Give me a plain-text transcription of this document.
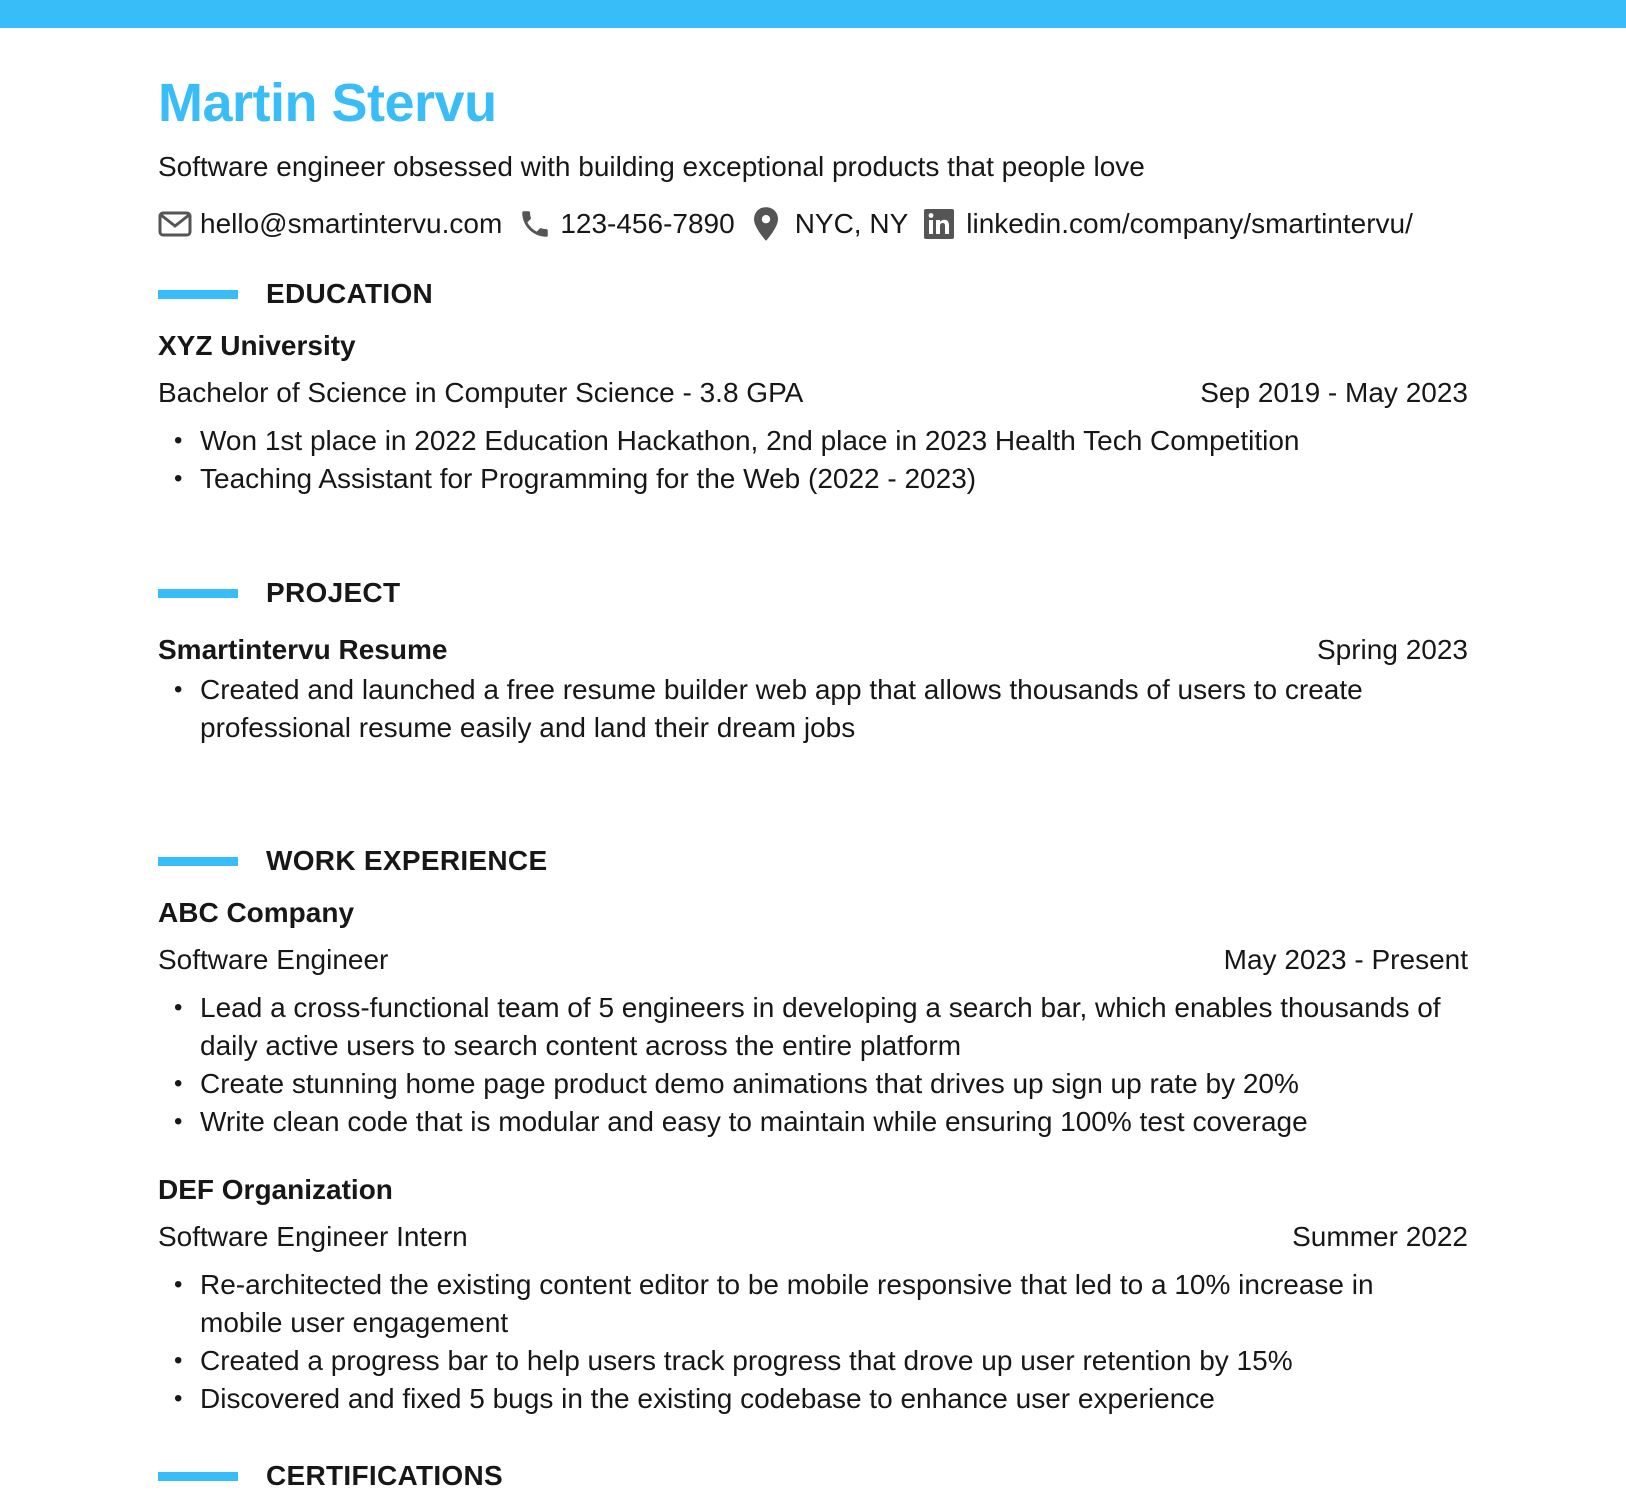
Martin Stervu
Software engineer obsessed with building exceptional products that people love
hello@smartintervu.com 123-456-7890 NYC, NY linkedin.com/company/smartintervu/
EDUCATION
XYZ University
Bachelor of Science in Computer Science - 3.8 GPA	Sep 2019 - May 2023
• Won 1st place in 2022 Education Hackathon, 2nd place in 2023 Health Tech Competition
• Teaching Assistant for Programming for the Web (2022 - 2023)
PROJECT
Smartintervu Resume	Spring 2023
• Created and launched a free resume builder web app that allows thousands of users to create professional resume easily and land their dream jobs
WORK EXPERIENCE
ABC Company
Software Engineer	May 2023 - Present
• Lead a cross-functional team of 5 engineers in developing a search bar, which enables thousands of daily active users to search content across the entire platform
• Create stunning home page product demo animations that drives up sign up rate by 20%
• Write clean code that is modular and easy to maintain while ensuring 100% test coverage
DEF Organization
Software Engineer Intern	Summer 2022
• Re-architected the existing content editor to be mobile responsive that led to a 10% increase in mobile user engagement
• Created a progress bar to help users track progress that drove up user retention by 15%
• Discovered and fixed 5 bugs in the existing codebase to enhance user experience
CERTIFICATIONS
